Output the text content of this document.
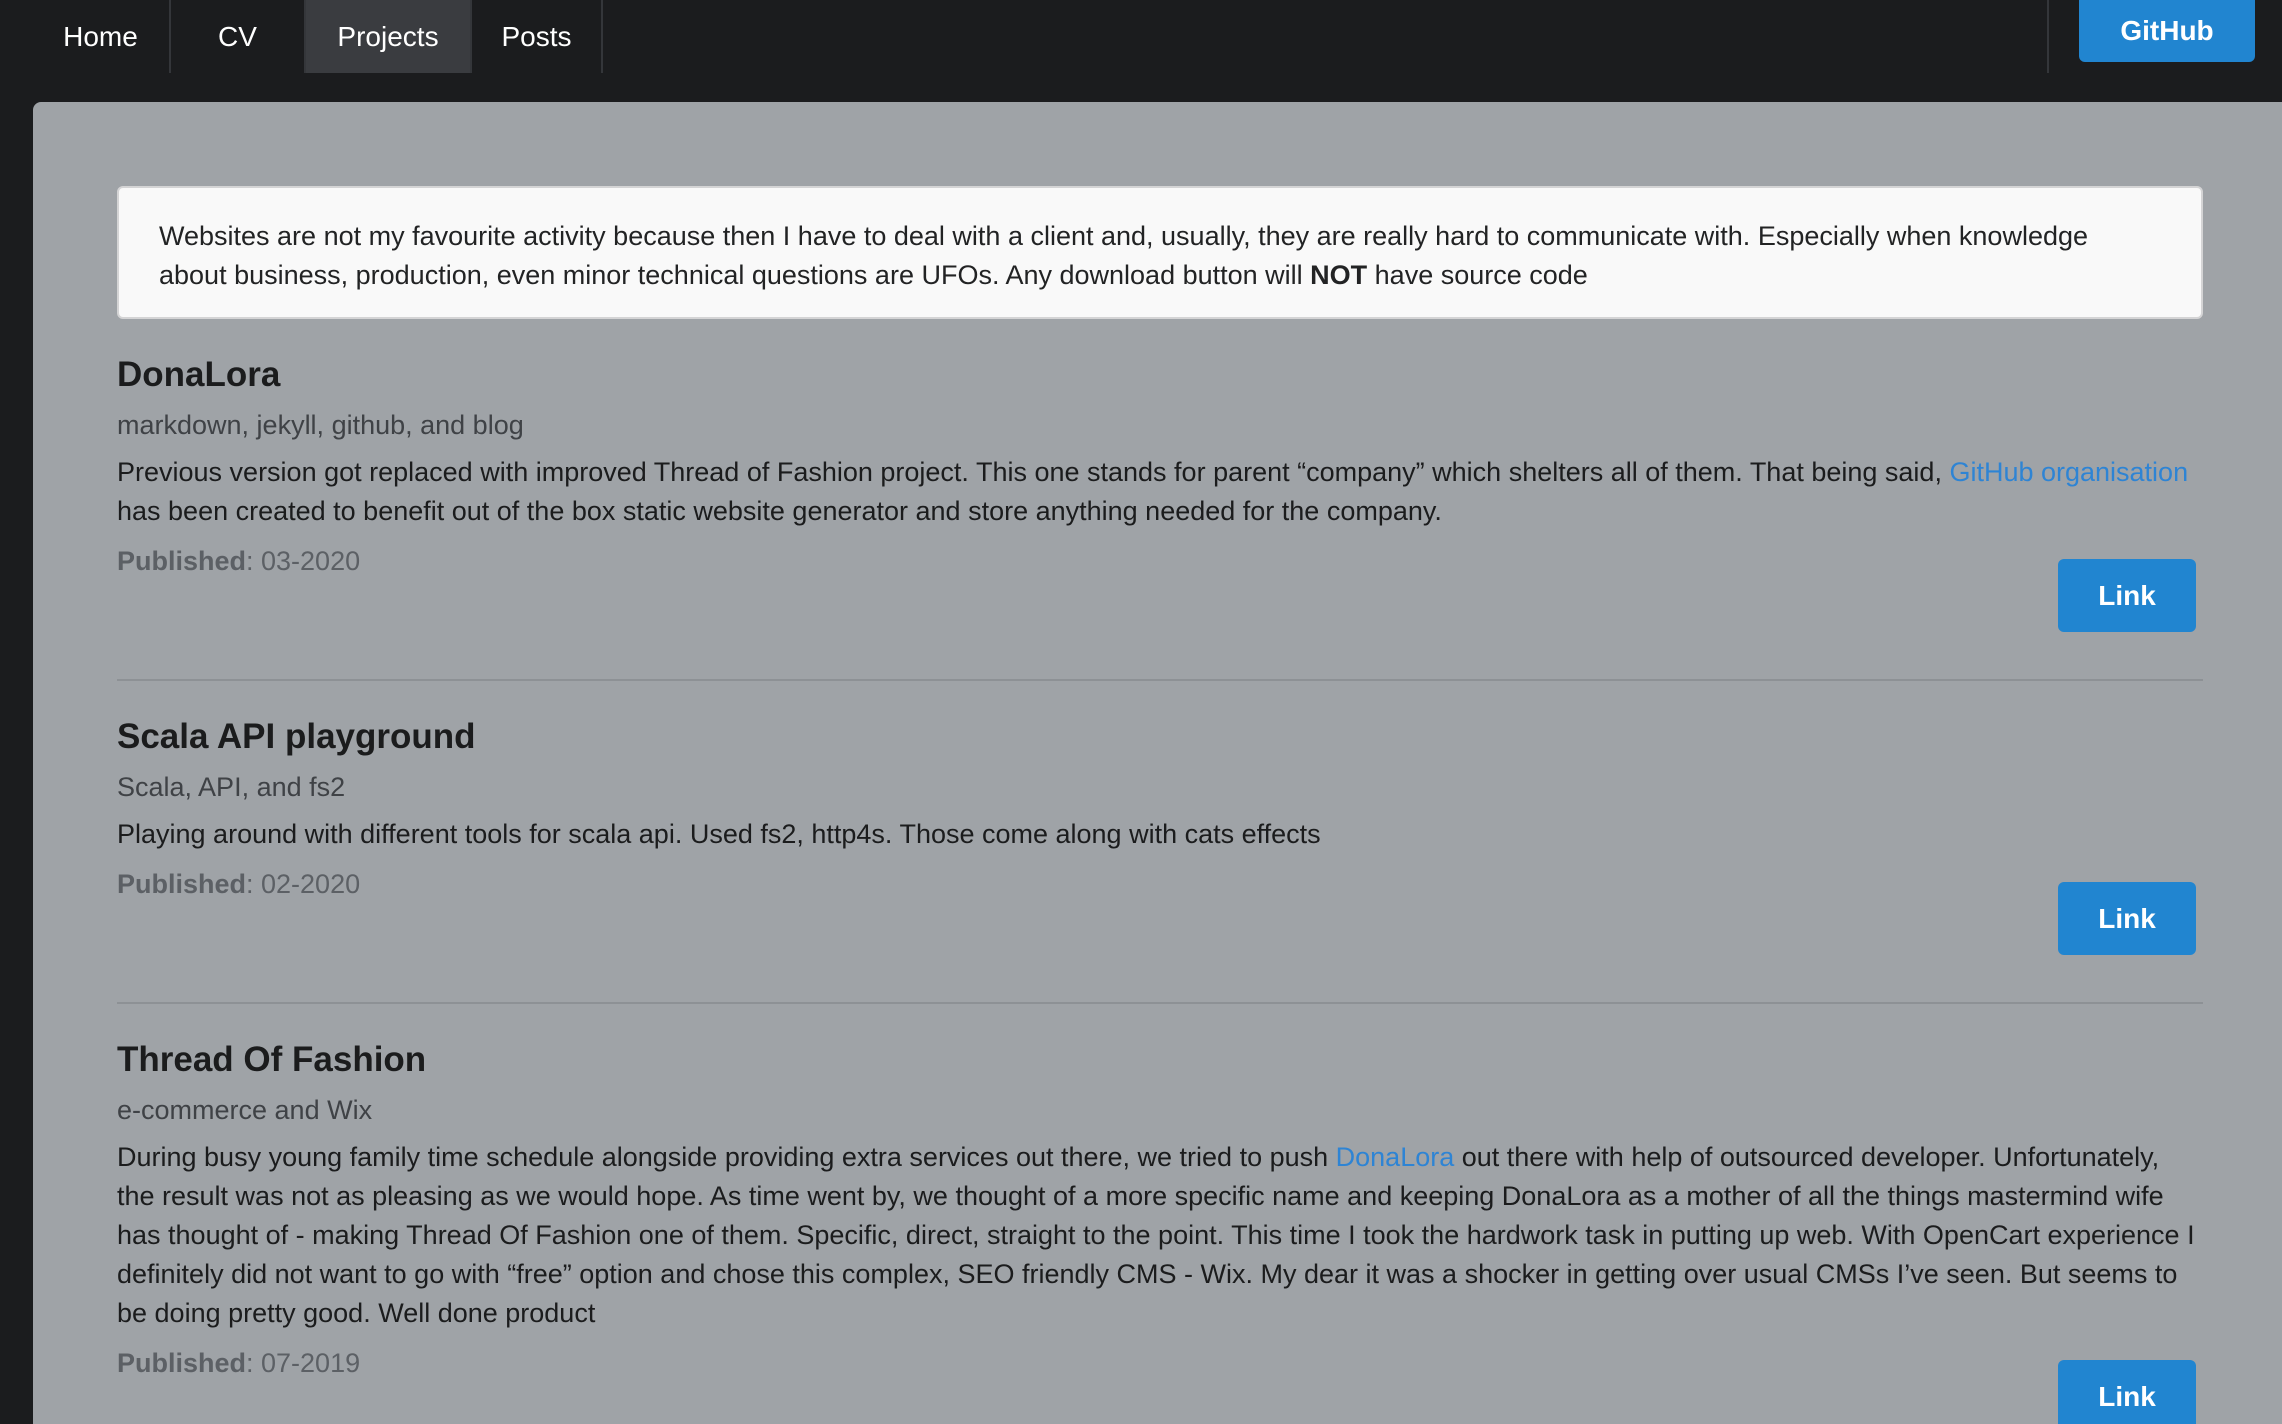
Home	CV	Projects	Posts	GitHub
Websites are not my favourite activity because then I have to deal with a client and, usually, they are really hard to communicate with. Especially when knowledge about business, production, even minor technical questions are UFOs. Any download button will NOT have source code
DonaLora
markdown, jekyll, github, and blog
Previous version got replaced with improved Thread of Fashion project. This one stands for parent “company” which shelters all of them. That being said, GitHub organisation has been created to benefit out of the box static website generator and store anything needed for the company.
Published: 03-2020
Link
Scala API playground
Scala, API, and fs2
Playing around with different tools for scala api. Used fs2, http4s. Those come along with cats effects
Published: 02-2020
Link
Thread Of Fashion
e-commerce and Wix
During busy young family time schedule alongside providing extra services out there, we tried to push DonaLora out there with help of outsourced developer. Unfortunately, the result was not as pleasing as we would hope. As time went by, we thought of a more specific name and keeping DonaLora as a mother of all the things mastermind wife has thought of - making Thread Of Fashion one of them. Specific, direct, straight to the point. This time I took the hardwork task in putting up web. With OpenCart experience I definitely did not want to go with “free” option and chose this complex, SEO friendly CMS - Wix. My dear it was a shocker in getting over usual CMSs I’ve seen. But seems to be doing pretty good. Well done product
Published: 07-2019
Link
